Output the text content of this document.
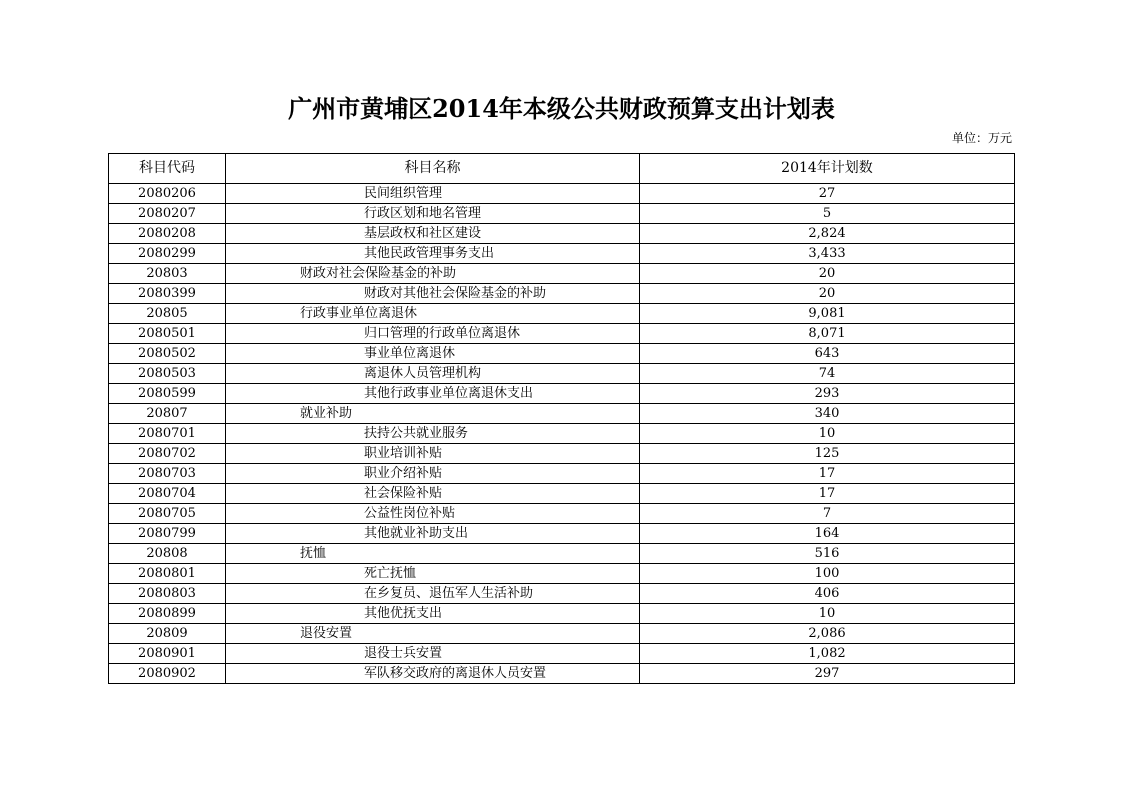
广州市黄埔区2014年本级公共财政预算支出计划表
单位：万元
科目代码	科目名称	2014年计划数
2080206	民间组织管理	27
2080207	行政区划和地名管理	5
2080208	基层政权和社区建设	2,824
2080299	其他民政管理事务支出	3,433
20803	财政对社会保险基金的补助	20
2080399	财政对其他社会保险基金的补助	20
20805	行政事业单位离退休	9,081
2080501	归口管理的行政单位离退休	8,071
2080502	事业单位离退休	643
2080503	离退休人员管理机构	74
2080599	其他行政事业单位离退休支出	293
20807	就业补助	340
2080701	扶持公共就业服务	10
2080702	职业培训补贴	125
2080703	职业介绍补贴	17
2080704	社会保险补贴	17
2080705	公益性岗位补贴	7
2080799	其他就业补助支出	164
20808	抚恤	516
2080801	死亡抚恤	100
2080803	在乡复员、退伍军人生活补助	406
2080899	其他优抚支出	10
20809	退役安置	2,086
2080901	退役士兵安置	1,082
2080902	军队移交政府的离退休人员安置	297
